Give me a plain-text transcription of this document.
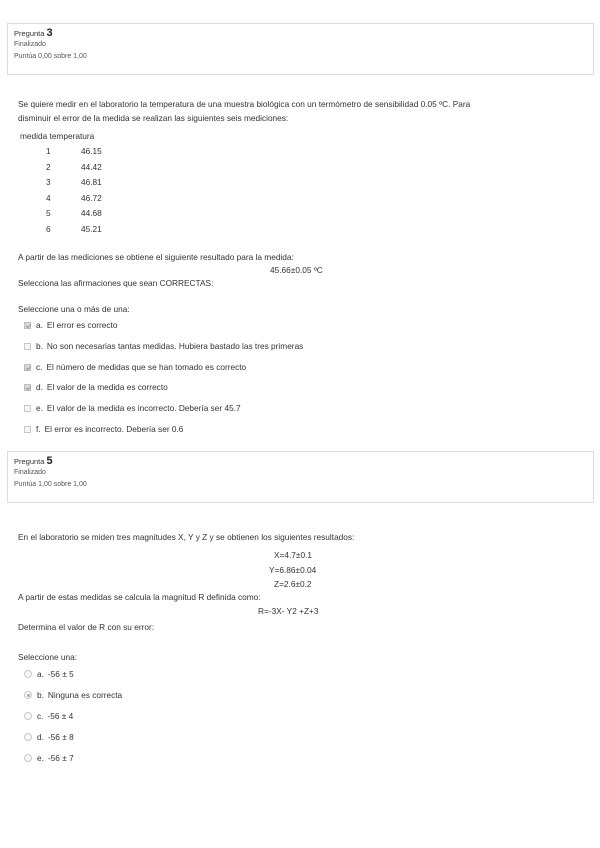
Pregunta 3
Finalizado
Puntúa 0,00 sobre 1,00
Se quiere medir en el laboratorio la temperatura de una muestra biológica con un termómetro de sensibilidad 0.05 ºC. Para
disminuir el error de la medida se realizan las siguientes seis mediciones:
medida temperatura
1	46.15
2	44.42
3	46.81
4	46.72
5	44.68
6	45.21
A partir de las mediciones se obtiene el siguiente resultado para la medida:
45.66±0.05 ºC
Selecciona las afirmaciones que sean CORRECTAS:
Seleccione una o más de una:
a. El error es correcto
b. No son necesarias tantas medidas. Hubiera bastado las tres primeras
c. El número de medidas que se han tomado es correcto
d. El valor de la medida es correcto
e. El valor de la medida es incorrecto. Debería ser 45.7
f. El error es incorrecto. Debería ser 0.6
Pregunta 5
Finalizado
Puntúa 1,00 sobre 1,00
En el laboratorio se miden tres magnitudes X, Y y Z y se obtienen los siguientes resultados:
X=4.7±0.1
Y=6.86±0.04
Z=2.6±0.2
A partir de estas medidas se calcula la magnitud R definida como:
R=-3X- Y2 +Z+3
Determina el valor de R con su error:
Seleccione una:
a. -56 ± 5
b. Ninguna es correcta
c. -56 ± 4
d. -56 ± 8
e. -56 ± 7
